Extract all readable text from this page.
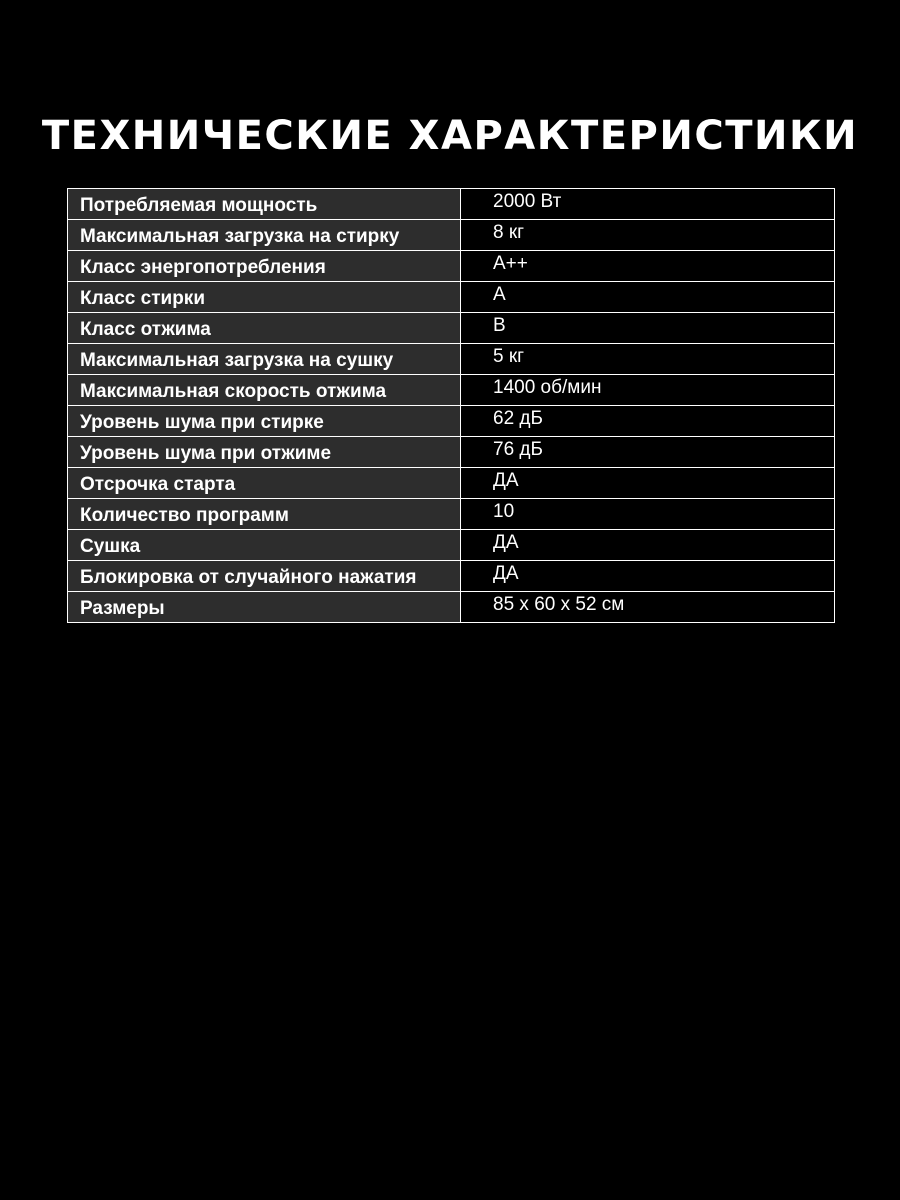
ТЕХНИЧЕСКИЕ ХАРАКТЕРИСТИКИ
Потребляемая мощность	2000 Вт
Максимальная загрузка на стирку	8 кг
Класс энергопотребления	А++
Класс стирки	А
Класс отжима	В
Максимальная загрузка на сушку	5 кг
Максимальная скорость отжима	1400 об/мин
Уровень шума при стирке	62 дБ
Уровень шума при отжиме	76 дБ
Отсрочка старта	ДА
Количество программ	10
Сушка	ДА
Блокировка от случайного нажатия	ДА
Размеры	85 х 60 х 52 см
